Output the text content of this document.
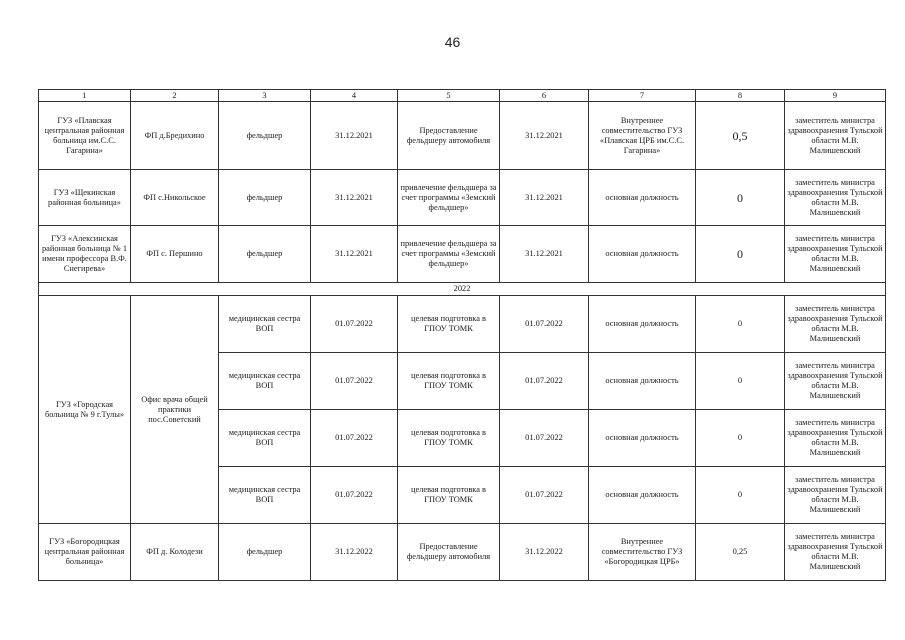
46
1	2	3	4	5	6	7	8	9
ГУЗ «Плавская центральная районная больница им.С.С. Гагарина»	ФП д.Бредихино	фельдшер	31.12.2021	Предоставление фельдшеру автомобиля	31.12.2021	Внутреннее совместительство ГУЗ «Плавская ЦРБ им.С.С. Гагарина»	0,5	заместитель министра здравоохранения Тульской области М.В. Малишевский
ГУЗ «Щекинская районная больница»	ФП с.Никольское	фельдшер	31.12.2021	привлечение фельдшера за счет программы «Земский фельдшер»	31.12.2021	основная должность	0	заместитель министра здравоохранения Тульской области М.В. Малишевский
ГУЗ «Алексинская районная больница № 1 имени профессора В.Ф. Снегирева»	ФП с. Першино	фельдшер	31.12.2021	привлечение фельдшера за счет программы «Земский фельдшер»	31.12.2021	основная должность	0	заместитель министра здравоохранения Тульской области М.В. Малишевский
2022								
ГУЗ «Городская больница № 9 г.Тулы»	Офис врача общей практики пос.Советский	медицинская сестра ВОП	01.07.2022	целевая подготовка в ГПОУ ТОМК	01.07.2022	основная должность	0	заместитель министра здравоохранения Тульской области М.В. Малишевский
		медицинская сестра ВОП	01.07.2022	целевая подготовка в ГПОУ ТОМК	01.07.2022	основная должность	0	заместитель министра здравоохранения Тульской области М.В. Малишевский
		медицинская сестра ВОП	01.07.2022	целевая подготовка в ГПОУ ТОМК	01.07.2022	основная должность	0	заместитель министра здравоохранения Тульской области М.В. Малишевский
		медицинская сестра ВОП	01.07.2022	целевая подготовка в ГПОУ ТОМК	01.07.2022	основная должность	0	заместитель министра здравоохранения Тульской области М.В. Малишевский
ГУЗ «Богородицкая центральная районная больница»	ФП д. Колодези	фельдшер	31.12.2022	Предоставление фельдшеру автомобиля	31.12.2022	Внутреннее совместительство ГУЗ «Богородицкая ЦРБ»	0,25	заместитель министра здравоохранения Тульской области М.В. Малишевский
